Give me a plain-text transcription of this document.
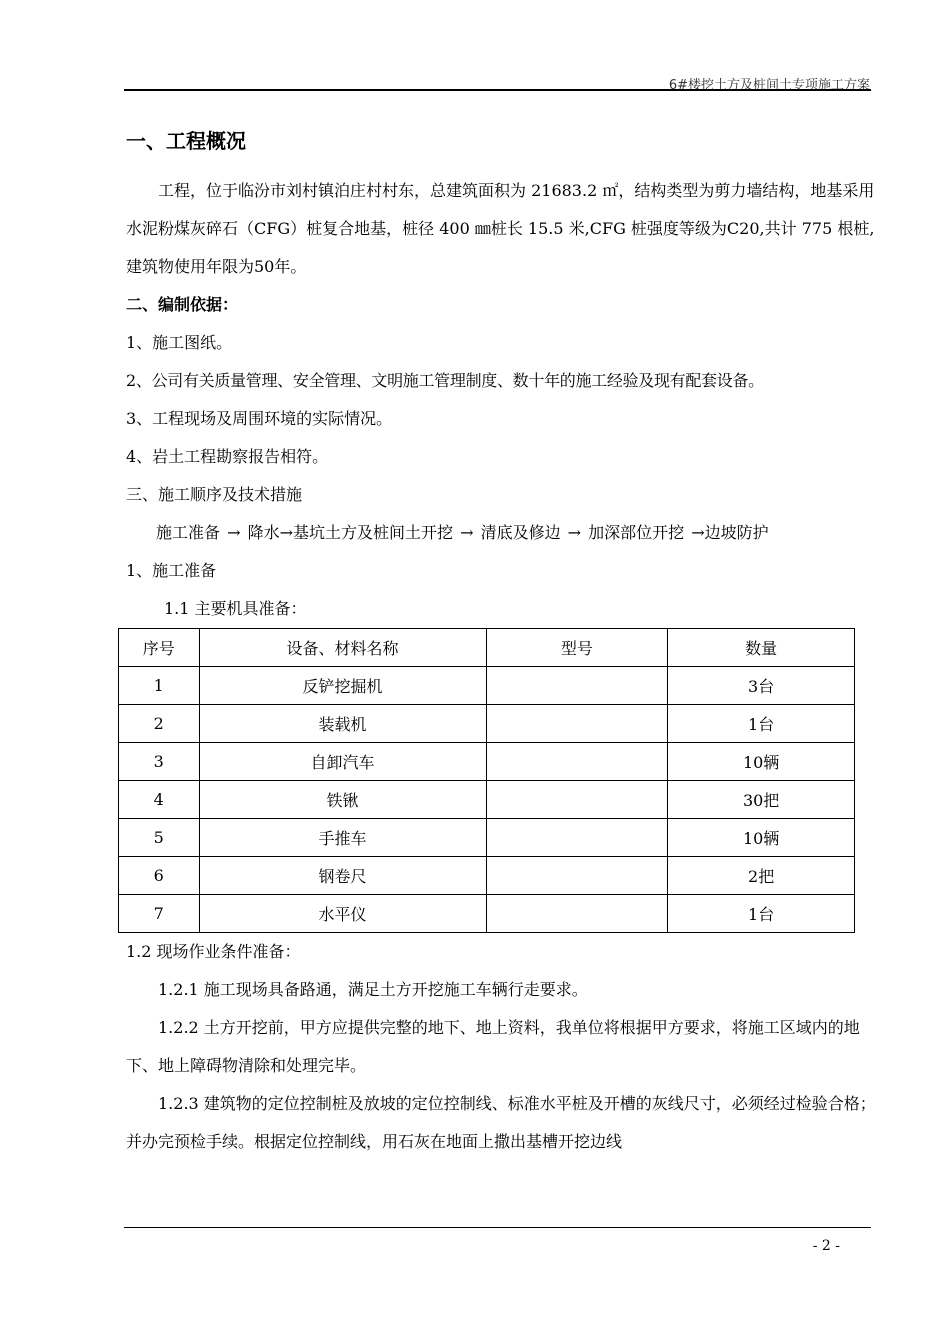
6#楼挖土方及桩间土专项施工方案
一、工程概况

工程，位于临汾市刘村镇泊庄村村东，总建筑面积为 21683.2 ㎡，结构类型为剪力墙结构，地基采用水泥粉煤灰碎石（CFG）桩复合地基，桩径 400 ㎜桩长 15.5 米,CFG 桩强度等级为C20,共计 775 根桩,建筑物使用年限为50年。

二、编制依据：

1、施工图纸。

2、公司有关质量管理、安全管理、文明施工管理制度、数十年的施工经验及现有配套设备。

3、工程现场及周围环境的实际情况。

4、岩土工程勘察报告相符。

三、施工顺序及技术措施

施工准备 → 降水→基坑土方及桩间土开挖 → 清底及修边 → 加深部位开挖 →边坡防护

1、施工准备

1.1 主要机具准备：

序号	设备、材料名称	型号	数量
1	反铲挖掘机		3台
2	装载机		1台
3	自卸汽车		10辆
4	铁锹		30把
5	手推车		10辆
6	钢卷尺		2把
7	水平仪		1台

1.2 现场作业条件准备：

1.2.1 施工现场具备路通，满足土方开挖施工车辆行走要求。

1.2.2 土方开挖前，甲方应提供完整的地下、地上资料，我单位将根据甲方要求，将施工区域内的地下、地上障碍物清除和处理完毕。

1.2.3 建筑物的定位控制桩及放坡的定位控制线、标准水平桩及开槽的灰线尺寸，必须经过检验合格；并办完预检手续。根据定位控制线，用石灰在地面上撒出基槽开挖边线

- 2 -
